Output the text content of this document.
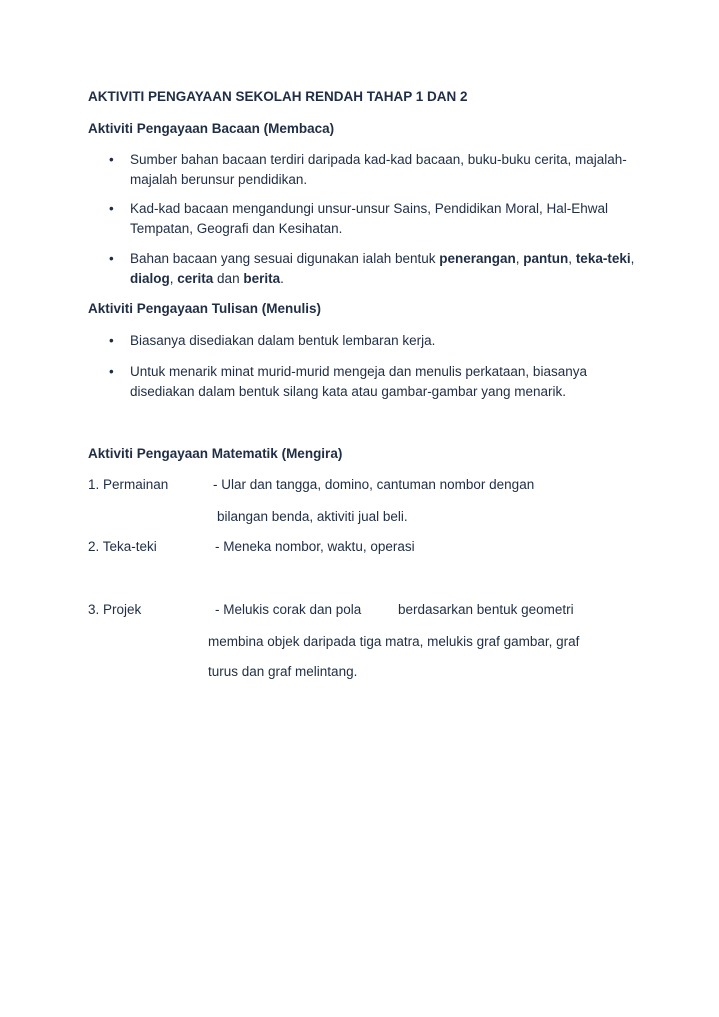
AKTIVITI PENGAYAAN SEKOLAH RENDAH TAHAP 1 DAN 2
Aktiviti Pengayaan Bacaan (Membaca)
• Sumber bahan bacaan terdiri daripada kad-kad bacaan, buku-buku cerita, majalah-
majalah berunsur pendidikan.
• Kad-kad bacaan mengandungi unsur-unsur Sains, Pendidikan Moral, Hal-Ehwal
Tempatan, Geografi dan Kesihatan.
• Bahan bacaan yang sesuai digunakan ialah bentuk penerangan, pantun, teka-teki,
dialog, cerita dan berita.
Aktiviti Pengayaan Tulisan (Menulis)
• Biasanya disediakan dalam bentuk lembaran kerja.
• Untuk menarik minat murid-murid mengeja dan menulis perkataan, biasanya
disediakan dalam bentuk silang kata atau gambar-gambar yang menarik.
Aktiviti Pengayaan Matematik (Mengira)
1. Permainan	- Ular dan tangga, domino, cantuman nombor dengan
bilangan benda, aktiviti jual beli.
2. Teka-teki	- Meneka nombor, waktu, operasi
3. Projek	- Melukis corak dan pola	berdasarkan bentuk geometri
membina objek daripada tiga matra, melukis graf gambar, graf
turus dan graf melintang.
